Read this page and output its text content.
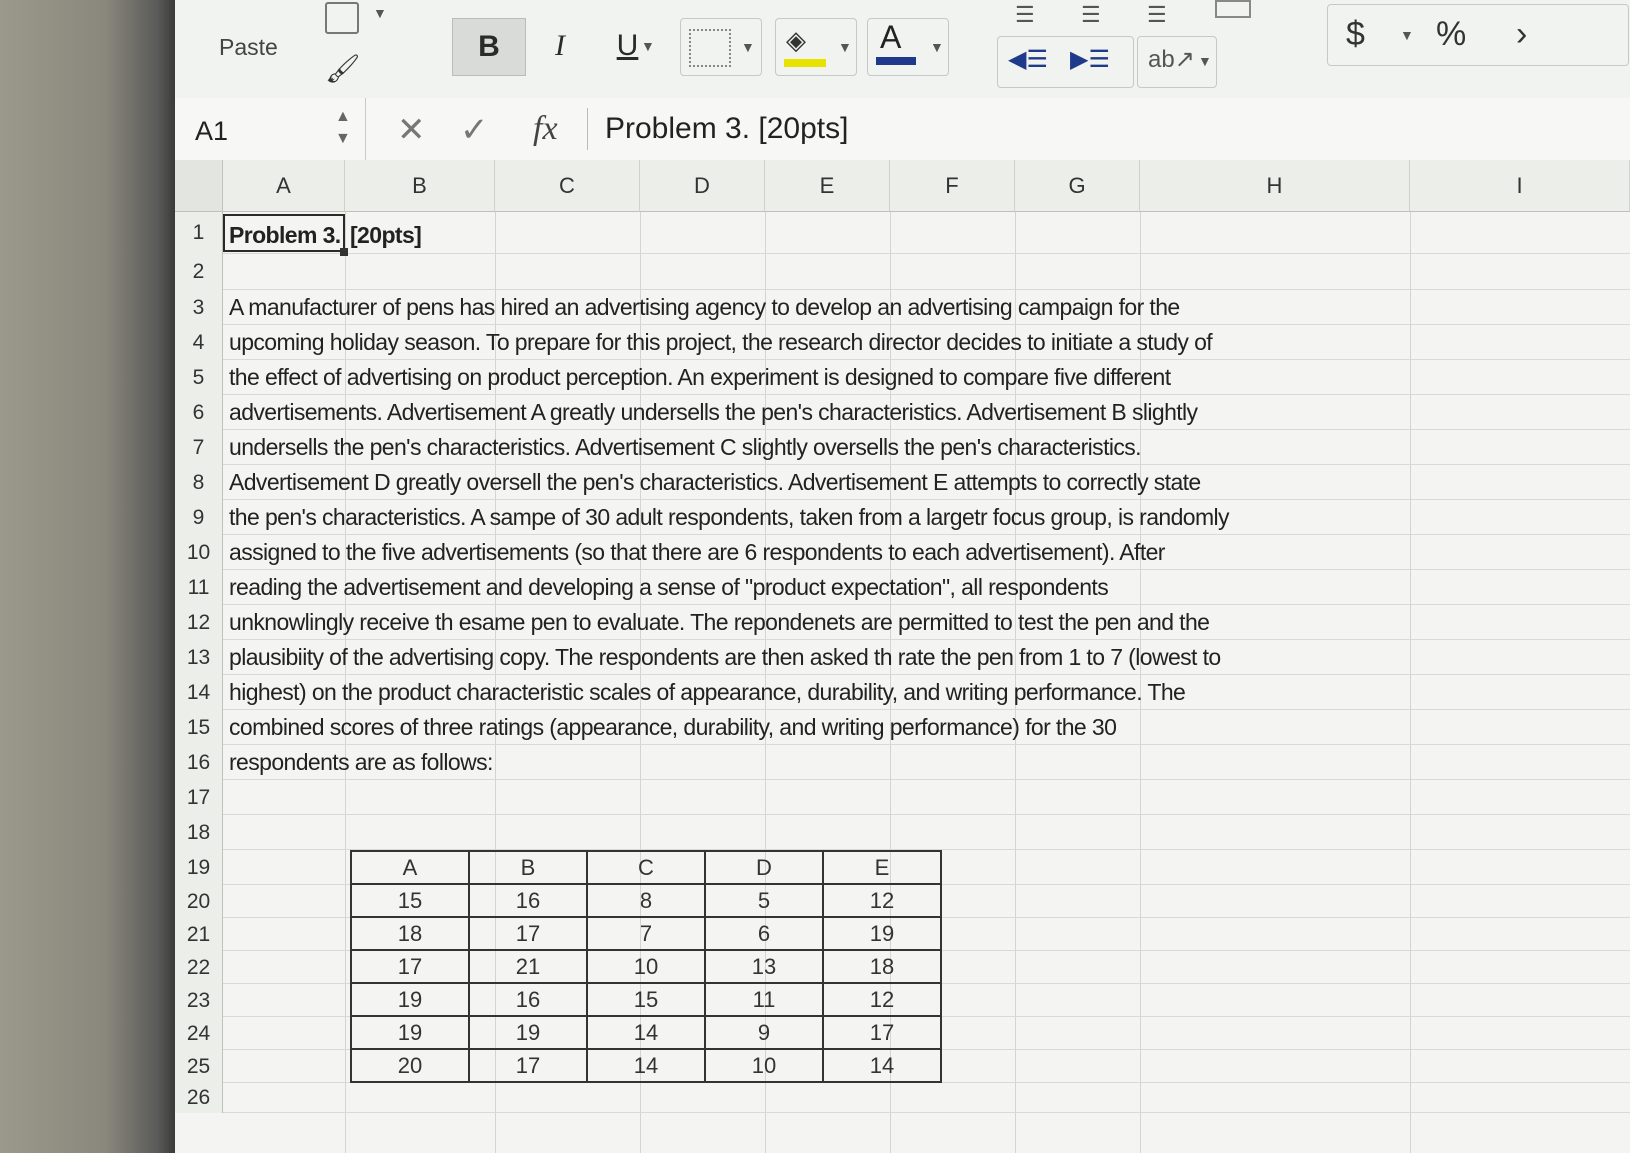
▼
🖌
Paste	B	I	U ▼	▼ ◈ ▼ A ▼
☰ ☰ ☰
◀☰ ▶☰ ab↗ ▼
$	▼ % ›
A1	▲
▼ ✕ ✓ fx Problem 3. [20pts]
A	B	C	D	E	F	G	H	I
1
2
3
4
5
6
7
8
9
10
11
12
13
14
15
16
17
18
19
20
21
22
23
24
25
26
Problem 3. [20pts]
A manufacturer of pens has hired an advertising agency to develop an advertising campaign for the
upcoming holiday season. To prepare for this project, the research director decides to initiate a study of
the effect of advertising on product perception. An experiment is designed to compare five different
advertisements. Advertisement A greatly undersells the pen's characteristics. Advertisement B slightly
undersells the pen's characteristics. Advertisement C slightly oversells the pen's characteristics.
Advertisement D greatly oversell the pen's characteristics. Advertisement E attempts to correctly state
the pen's characteristics. A sampe of 30 adult respondents, taken from a largetr focus group, is randomly
assigned to the five advertisements (so that there are 6 respondents to each advertisement). After
reading the advertisement and developing a sense of "product expectation", all respondents
unknowlingly receive th esame pen to evaluate. The repondenets are permitted to test the pen and the
plausibiity of the advertising copy. The respondents are then asked th rate the pen from 1 to 7 (lowest to
highest) on the product characteristic scales of appearance, durability, and writing performance. The
combined scores of three ratings (appearance, durability, and writing performance) for the 30
respondents are as follows:
A	B	C	D	E
15	16	8	5	12
18	17	7	6	19
17	21	10	13	18
19	16	15	11	12
19	19	14	9	17
20	17	14	10	14
